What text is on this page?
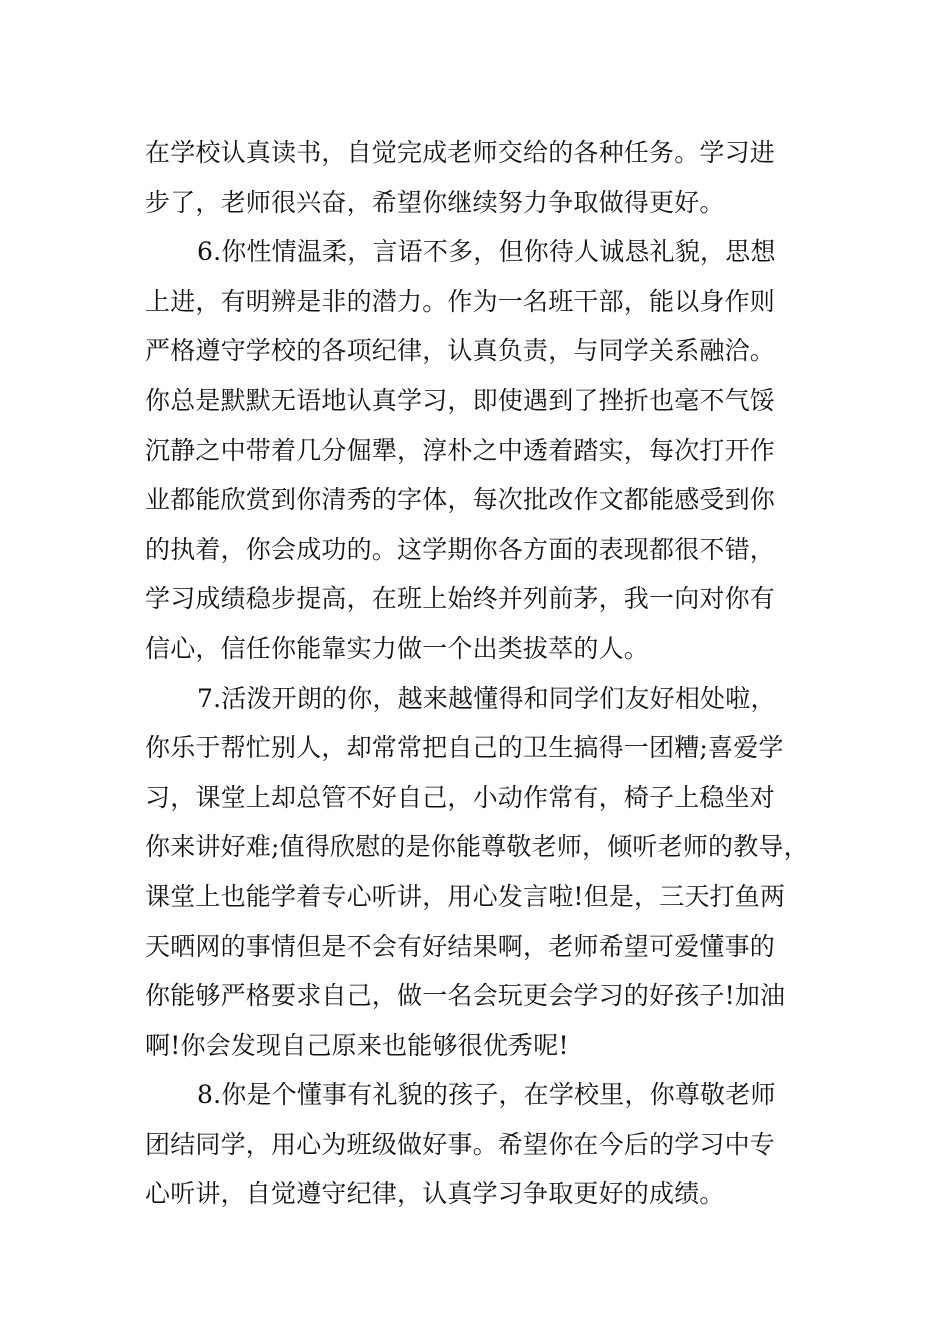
在学校认真读书，自觉完成老师交给的各种任务。学习进
步了，老师很兴奋，希望你继续努力争取做得更好。
6.你性情温柔，言语不多，但你待人诚恳礼貌，思想
上进，有明辨是非的潜力。作为一名班干部，能以身作则
严格遵守学校的各项纪律，认真负责，与同学关系融洽。
你总是默默无语地认真学习，即使遇到了挫折也毫不气馁
沉静之中带着几分倔犟，淳朴之中透着踏实，每次打开作
业都能欣赏到你清秀的字体，每次批改作文都能感受到你
的执着，你会成功的。这学期你各方面的表现都很不错，
学习成绩稳步提高，在班上始终并列前茅，我一向对你有
信心，信任你能靠实力做一个出类拔萃的人。
7.活泼开朗的你，越来越懂得和同学们友好相处啦，
你乐于帮忙别人，却常常把自己的卫生搞得一团糟;喜爱学
习，课堂上却总管不好自己，小动作常有，椅子上稳坐对
你来讲好难;值得欣慰的是你能尊敬老师，倾听老师的教导，
课堂上也能学着专心听讲，用心发言啦!但是，三天打鱼两
天晒网的事情但是不会有好结果啊，老师希望可爱懂事的
你能够严格要求自己，做一名会玩更会学习的好孩子!加油
啊!你会发现自己原来也能够很优秀呢!
8.你是个懂事有礼貌的孩子，在学校里，你尊敬老师
团结同学，用心为班级做好事。希望你在今后的学习中专
心听讲，自觉遵守纪律，认真学习争取更好的成绩。
